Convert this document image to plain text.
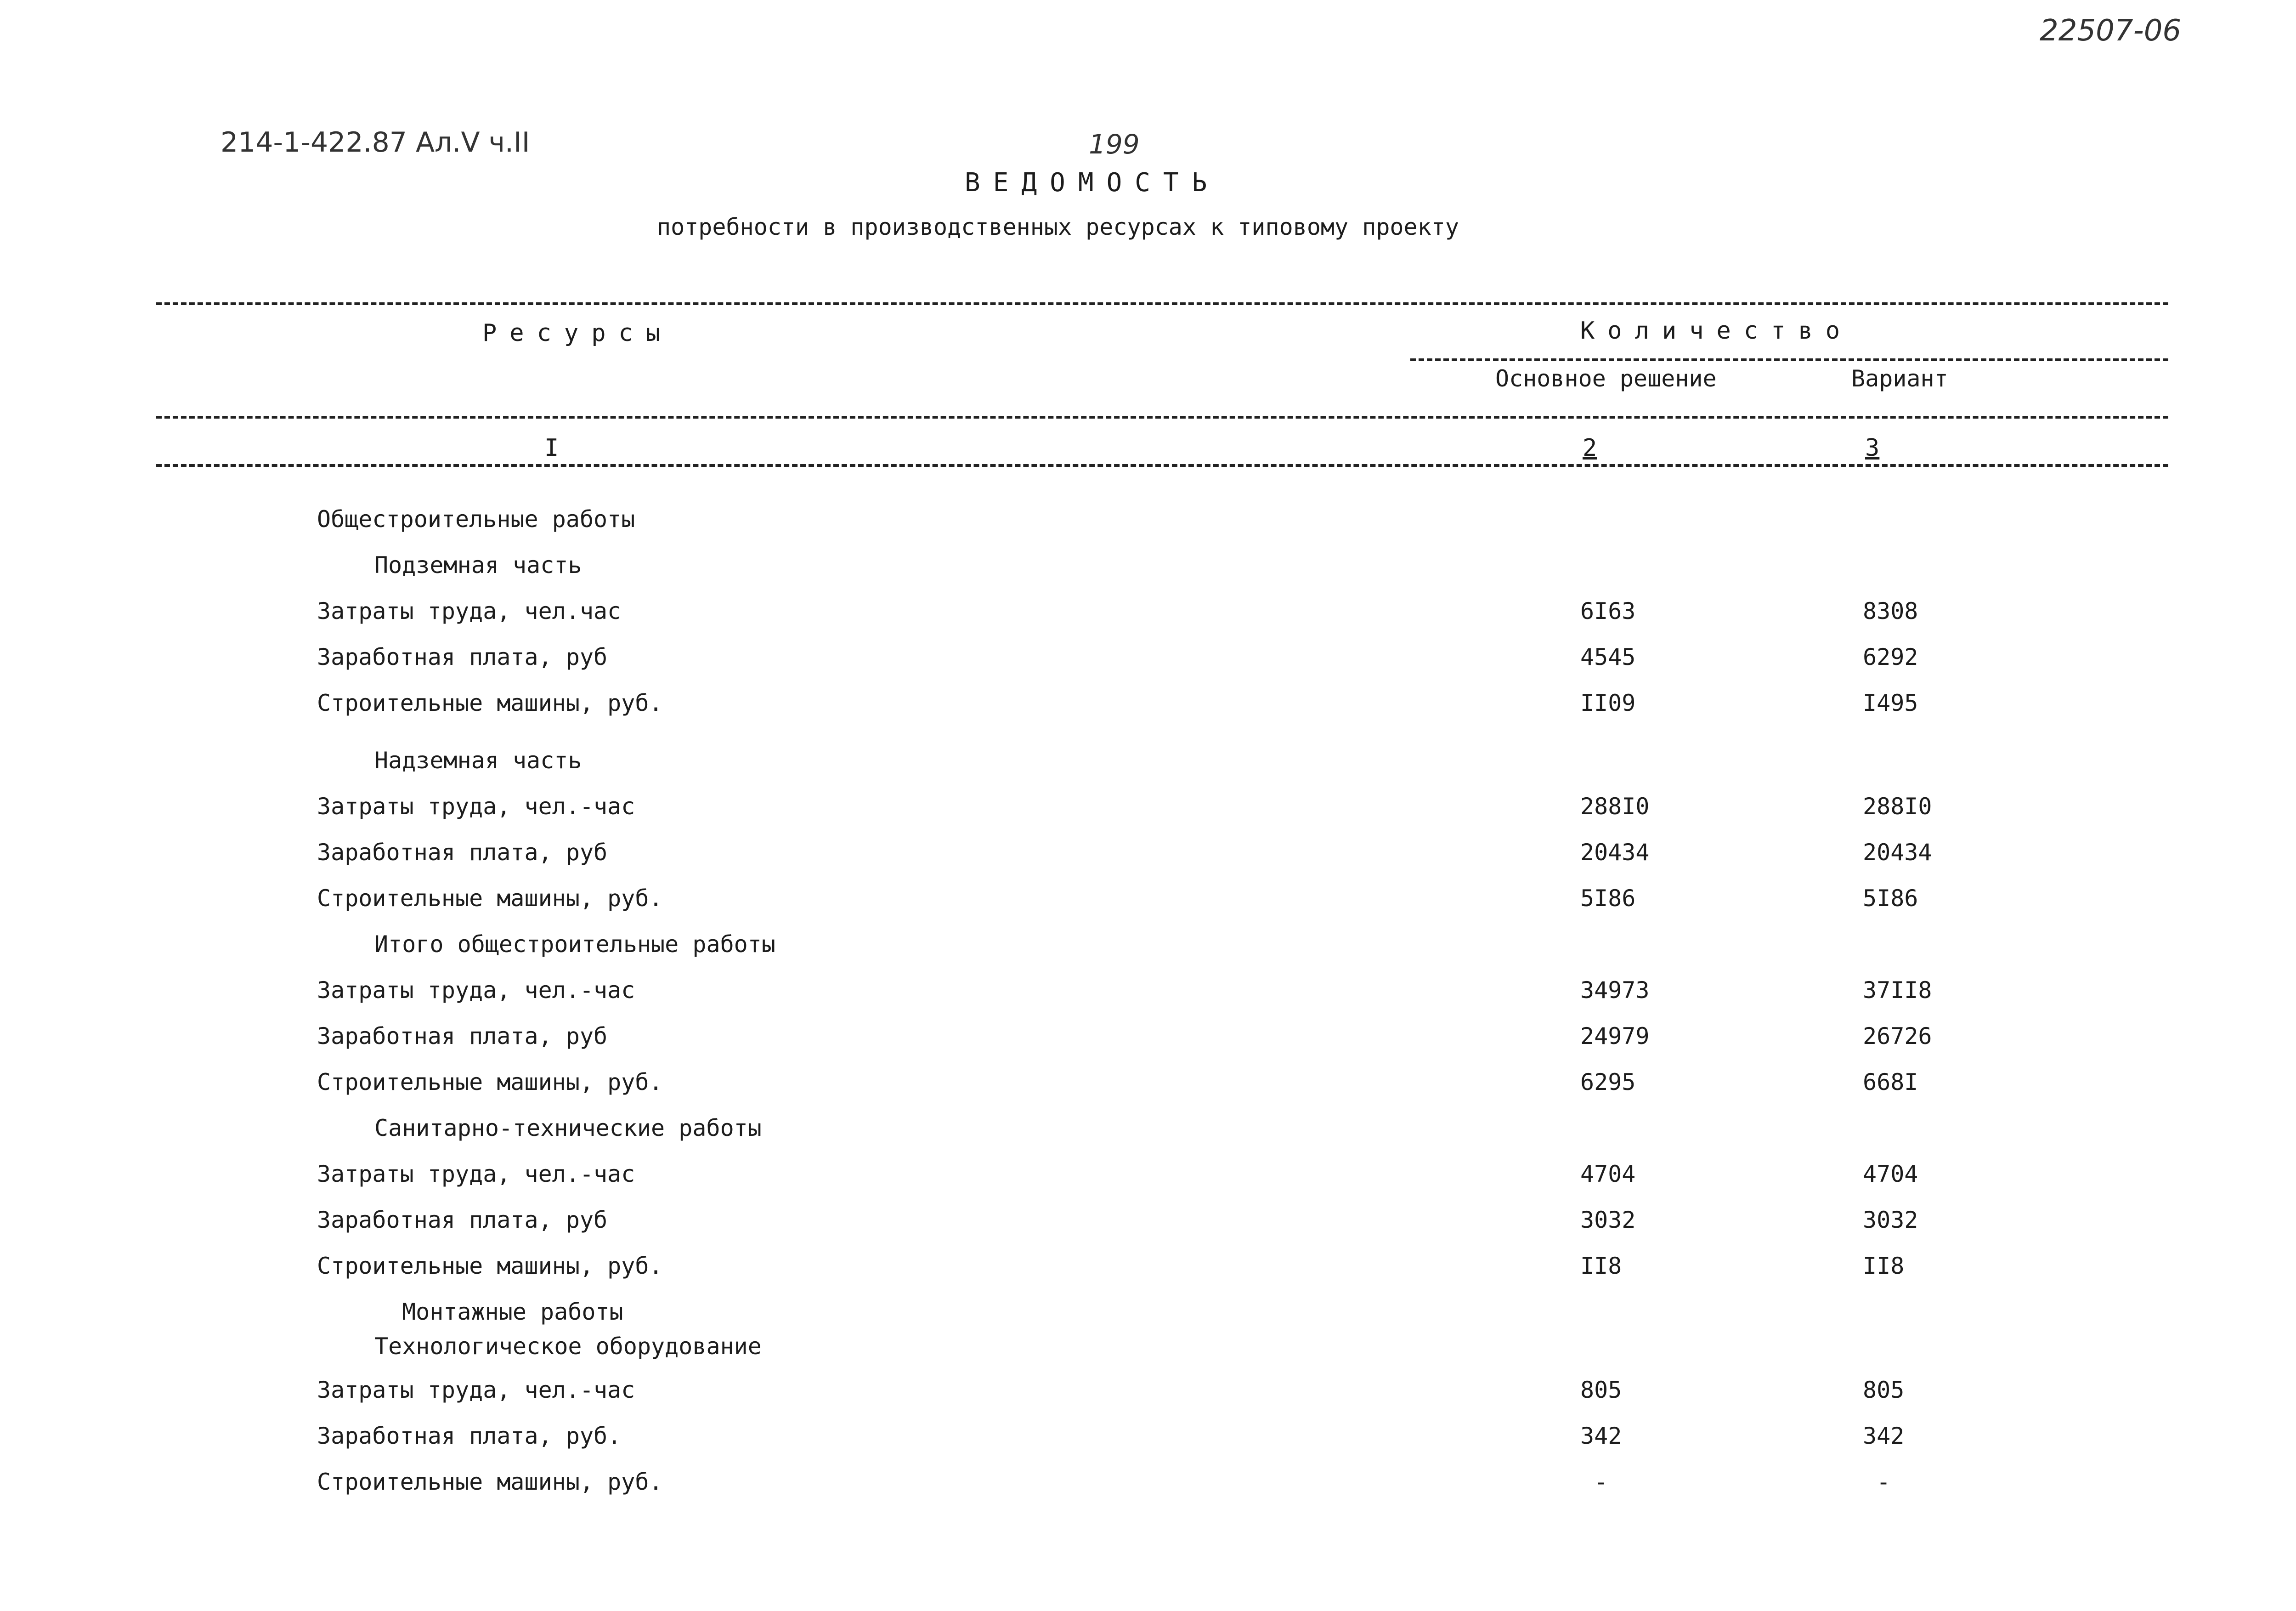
22507-06
214-1-422.87 Ал.V ч.II	199
ВЕДОМОСТЬ
потребности в производственных ресурсах к типовому проекту
Ресурсы	Количество
Основное решение	Вариант
I	2	3
Общестроительные работы
Подземная часть
Затраты труда, чел.час	6I63	8308
Заработная плата, руб	4545	6292
Строительные машины, руб.	II09	I495
Надземная часть
Затраты труда, чел.-час	288I0	288I0
Заработная плата, руб	20434	20434
Строительные машины, руб.	5I86	5I86
Итого общестроительные работы
Затраты труда, чел.-час	34973	37II8
Заработная плата, руб	24979	26726
Строительные машины, руб.	6295	668I
Санитарно-технические работы
Затраты труда, чел.-час	4704	4704
Заработная плата, руб	3032	3032
Строительные машины, руб.	II8	II8
Монтажные работы
Технологическое оборудование
Затраты труда, чел.-час	805	805
Заработная плата, руб.	342	342
Строительные машины, руб.	-	-
